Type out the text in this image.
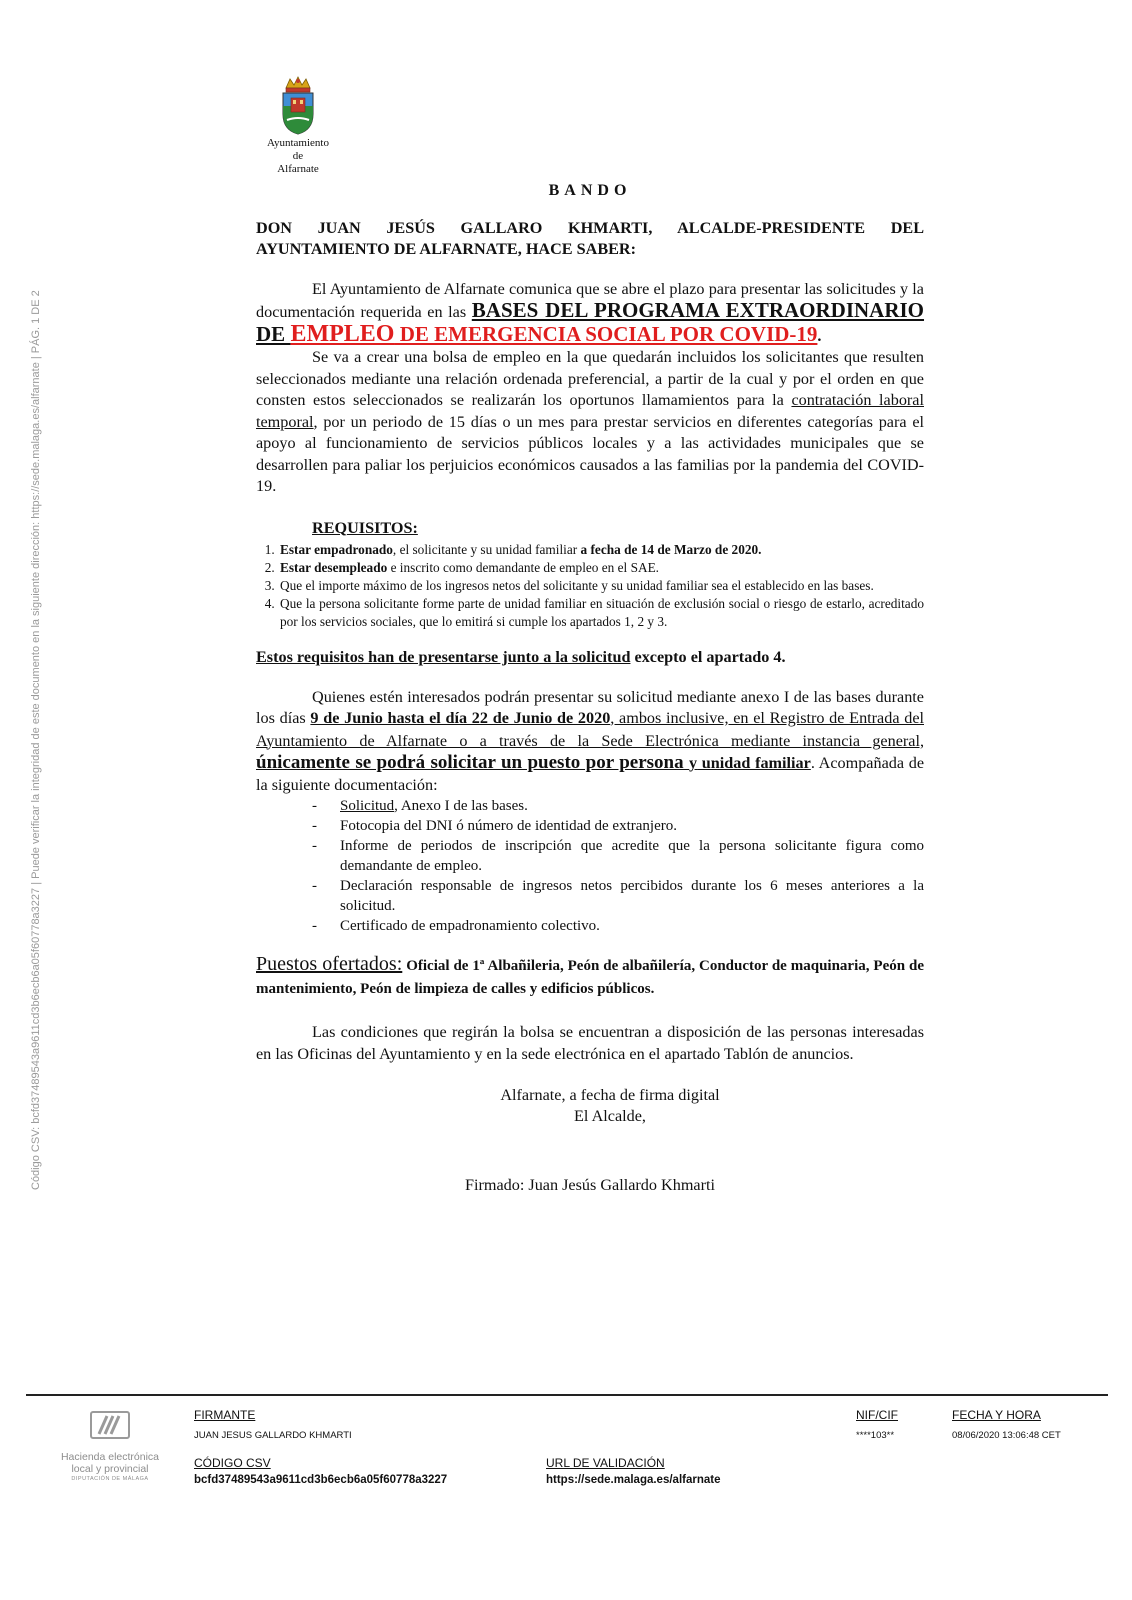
Código CSV: bcfd37489543a9611cd3b6ecb6a05f60778a3227 | Puede verificar la integridad de este documento en la siguiente dirección: https://sede.malaga.es/alfarnate | PÁG. 1 DE 2
Ayuntamiento
de
Alfarnate
BANDO
DON JUAN JESÚS GALLARO KHMARTI, ALCALDE-PRESIDENTE DEL AYUNTAMIENTO DE ALFARNATE, HACE SABER:

El Ayuntamiento de Alfarnate comunica que se abre el plazo para presentar las solicitudes y la documentación requerida en las BASES DEL PROGRAMA EXTRAORDINARIO DE EMPLEO DE EMERGENCIA SOCIAL POR COVID-19.

Se va a crear una bolsa de empleo en la que quedarán incluidos los solicitantes que resulten seleccionados mediante una relación ordenada preferencial, a partir de la cual y por el orden en que consten estos seleccionados se realizarán los oportunos llamamientos para la contratación laboral temporal, por un periodo de 15 días o un mes para prestar servicios en diferentes categorías para el apoyo al funcionamiento de servicios públicos locales y a las actividades municipales que se desarrollen para paliar los perjuicios económicos causados a las familias por la pandemia del COVID-19.

REQUISITOS:
1. Estar empadronado, el solicitante y su unidad familiar a fecha de 14 de Marzo de 2020.
2. Estar desempleado e inscrito como demandante de empleo en el SAE.
3. Que el importe máximo de los ingresos netos del solicitante y su unidad familiar sea el establecido en las bases.
4. Que la persona solicitante forme parte de unidad familiar en situación de exclusión social o riesgo de estarlo, acreditado por los servicios sociales, que lo emitirá si cumple los apartados 1, 2 y 3.
Estos requisitos han de presentarse junto a la solicitud excepto el apartado 4.

Quienes estén interesados podrán presentar su solicitud mediante anexo I de las bases durante los días 9 de Junio hasta el día 22 de Junio de 2020, ambos inclusive, en el Registro de Entrada del Ayuntamiento de Alfarnate o a través de la Sede Electrónica mediante instancia general, únicamente se podrá solicitar un puesto por persona y unidad familiar. Acompañada de la siguiente documentación:

- Solicitud, Anexo I de las bases.
- Fotocopia del DNI ó número de identidad de extranjero.
- Informe de periodos de inscripción que acredite que la persona solicitante figura como demandante de empleo.
- Declaración responsable de ingresos netos percibidos durante los 6 meses anteriores a la solicitud.
- Certificado de empadronamiento colectivo.

Puestos ofertados: Oficial de 1ª Albañileria, Peón de albañilería, Conductor de maquinaria, Peón de mantenimiento, Peón de limpieza de calles y edificios públicos.

Las condiciones que regirán la bolsa se encuentran a disposición de las personas interesadas en las Oficinas del Ayuntamiento y en la sede electrónica en el apartado Tablón de anuncios.

Alfarnate, a fecha de firma digital
El Alcalde,
Firmado: Juan Jesús Gallardo Khmarti
Hacienda electrónica
local y provincial
DIPUTACIÓN DE MÁLAGA
FIRMANTE
JUAN JESUS GALLARDO KHMARTI
NIF/CIF
****103**
FECHA Y HORA
08/06/2020 13:06:48 CET
CÓDIGO CSV
bcfd37489543a9611cd3b6ecb6a05f60778a3227
URL DE VALIDACIÓN
https://sede.malaga.es/alfarnate
